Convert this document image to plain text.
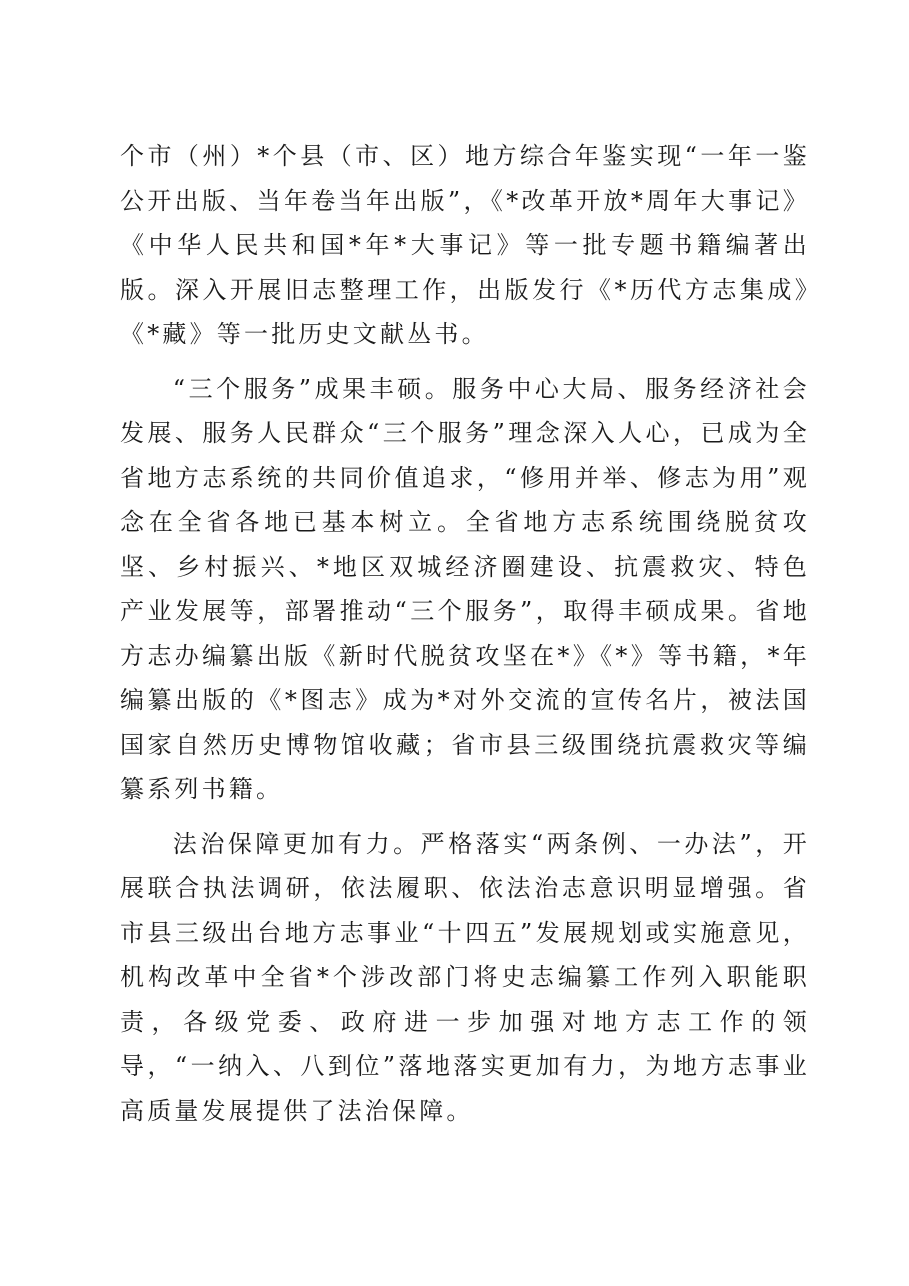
个市（州）*个县（市、区）地方综合年鉴实现“一年一鉴公开出版、当年卷当年出版”，《*改革开放*周年大事记》《中华人民共和国*年*大事记》等一批专题书籍编著出版。深入开展旧志整理工作，出版发行《*历代方志集成》《*藏》等一批历史文献丛书。

“三个服务”成果丰硕。服务中心大局、服务经济社会发展、服务人民群众“三个服务”理念深入人心，已成为全省地方志系统的共同价值追求，“修用并举、修志为用”观念在全省各地已基本树立。全省地方志系统围绕脱贫攻坚、乡村振兴、*地区双城经济圈建设、抗震救灾、特色产业发展等，部署推动“三个服务”，取得丰硕成果。省地方志办编纂出版《新时代脱贫攻坚在*》《*》等书籍，*年编纂出版的《*图志》成为*对外交流的宣传名片，被法国国家自然历史博物馆收藏；省市县三级围绕抗震救灾等编纂系列书籍。

法治保障更加有力。严格落实“两条例、一办法”，开展联合执法调研，依法履职、依法治志意识明显增强。省市县三级出台地方志事业“十四五”发展规划或实施意见，机构改革中全省*个涉改部门将史志编纂工作列入职能职责，各级党委、政府进一步加强对地方志工作的领导，“一纳入、八到位”落地落实更加有力，为地方志事业高质量发展提供了法治保障。
